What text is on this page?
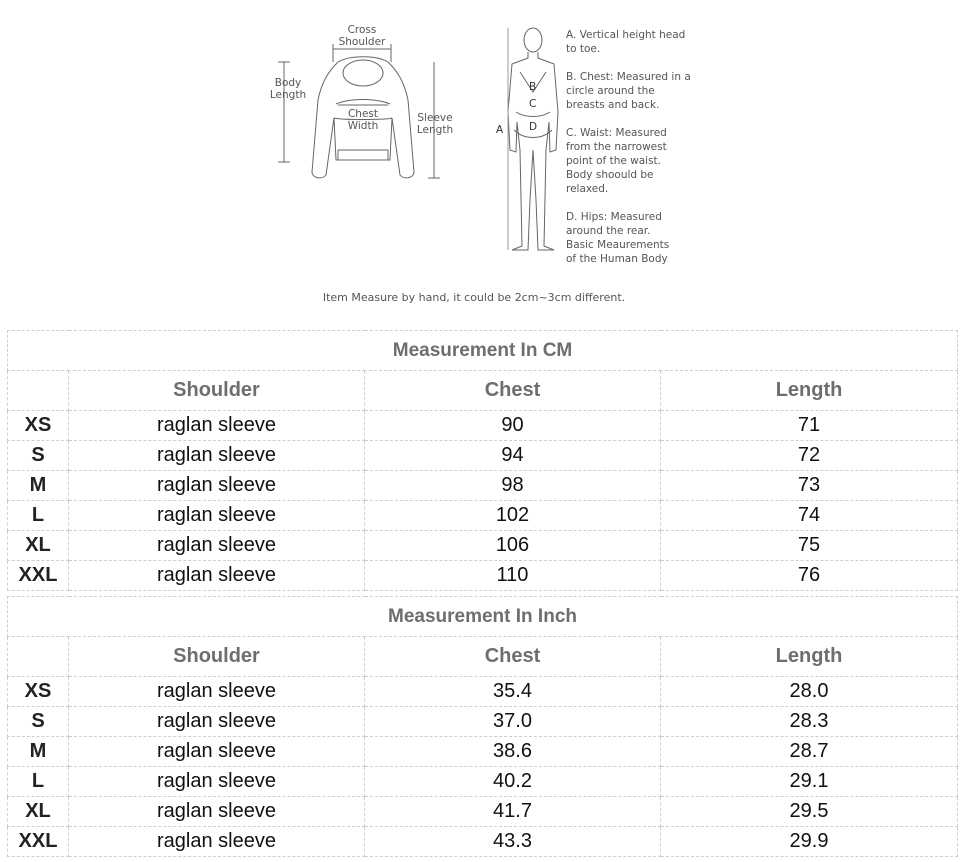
Cross
Shoulder
Body
Length
Chest
Width
Sleeve
Length	A
B
C
D
A. Vertical height head
to toe.
B. Chest: Measured in a
circle around the
breasts and back.
C. Waist: Measured
from the narrowest
point of the waist.
Body shoould be
relaxed.
D. Hips: Measured
around the rear.
Basic Meaurements
of the Human Body
Item Measure by hand, it could be 2cm~3cm different.
Measurement In CM			
	Shoulder	Chest	Length
XS	raglan sleeve	90	71
S	raglan sleeve	94	72
M	raglan sleeve	98	73
L	raglan sleeve	102	74
XL	raglan sleeve	106	75
XXL	raglan sleeve	110	76
Measurement In Inch			
	Shoulder	Chest	Length
XS	raglan sleeve	35.4	28.0
S	raglan sleeve	37.0	28.3
M	raglan sleeve	38.6	28.7
L	raglan sleeve	40.2	29.1
XL	raglan sleeve	41.7	29.5
XXL	raglan sleeve	43.3	29.9
